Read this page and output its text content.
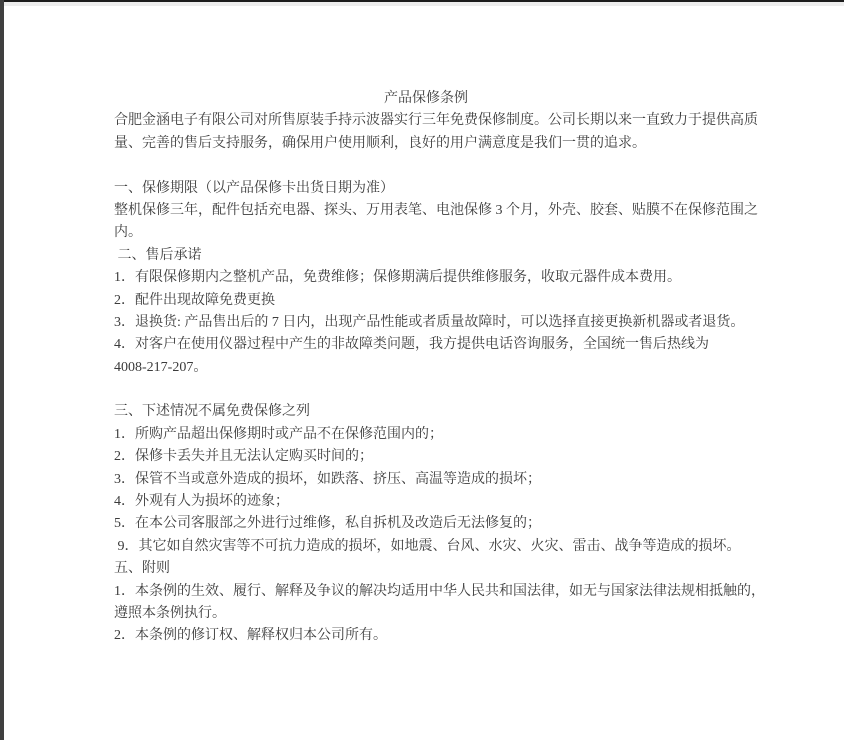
产品保修条例
合肥金涵电子有限公司对所售原装手持示波器实行三年免费保修制度。公司长期以来一直致力于提供高质
量、完善的售后支持服务，确保用户使用顺利，良好的用户满意度是我们一贯的追求。
一、保修期限（以产品保修卡出货日期为准）
整机保修三年，配件包括充电器、探头、万用表笔、电池保修 3 个月，外壳、胶套、贴膜不在保修范围之
内。
二、售后承诺
1．有限保修期内之整机产品，免费维修；保修期满后提供维修服务，收取元器件成本费用。
2．配件出现故障免费更换
3．退换货: 产品售出后的 7 日内，出现产品性能或者质量故障时，可以选择直接更换新机器或者退货。
4．对客户在使用仪器过程中产生的非故障类问题，我方提供电话咨询服务，全国统一售后热线为
4008-217-207。
三、下述情况不属免费保修之列
1．所购产品超出保修期时或产品不在保修范围内的；
2．保修卡丢失并且无法认定购买时间的；
3．保管不当或意外造成的损坏，如跌落、挤压、高温等造成的损坏；
4．外观有人为损坏的迹象；
5．在本公司客服部之外进行过维修，私自拆机及改造后无法修复的；
9．其它如自然灾害等不可抗力造成的损坏，如地震、台风、水灾、火灾、雷击、战争等造成的损坏。
五、附则
1．本条例的生效、履行、解释及争议的解决均适用中华人民共和国法律，如无与国家法律法规相抵触的，
遵照本条例执行。
2．本条例的修订权、解释权归本公司所有。
